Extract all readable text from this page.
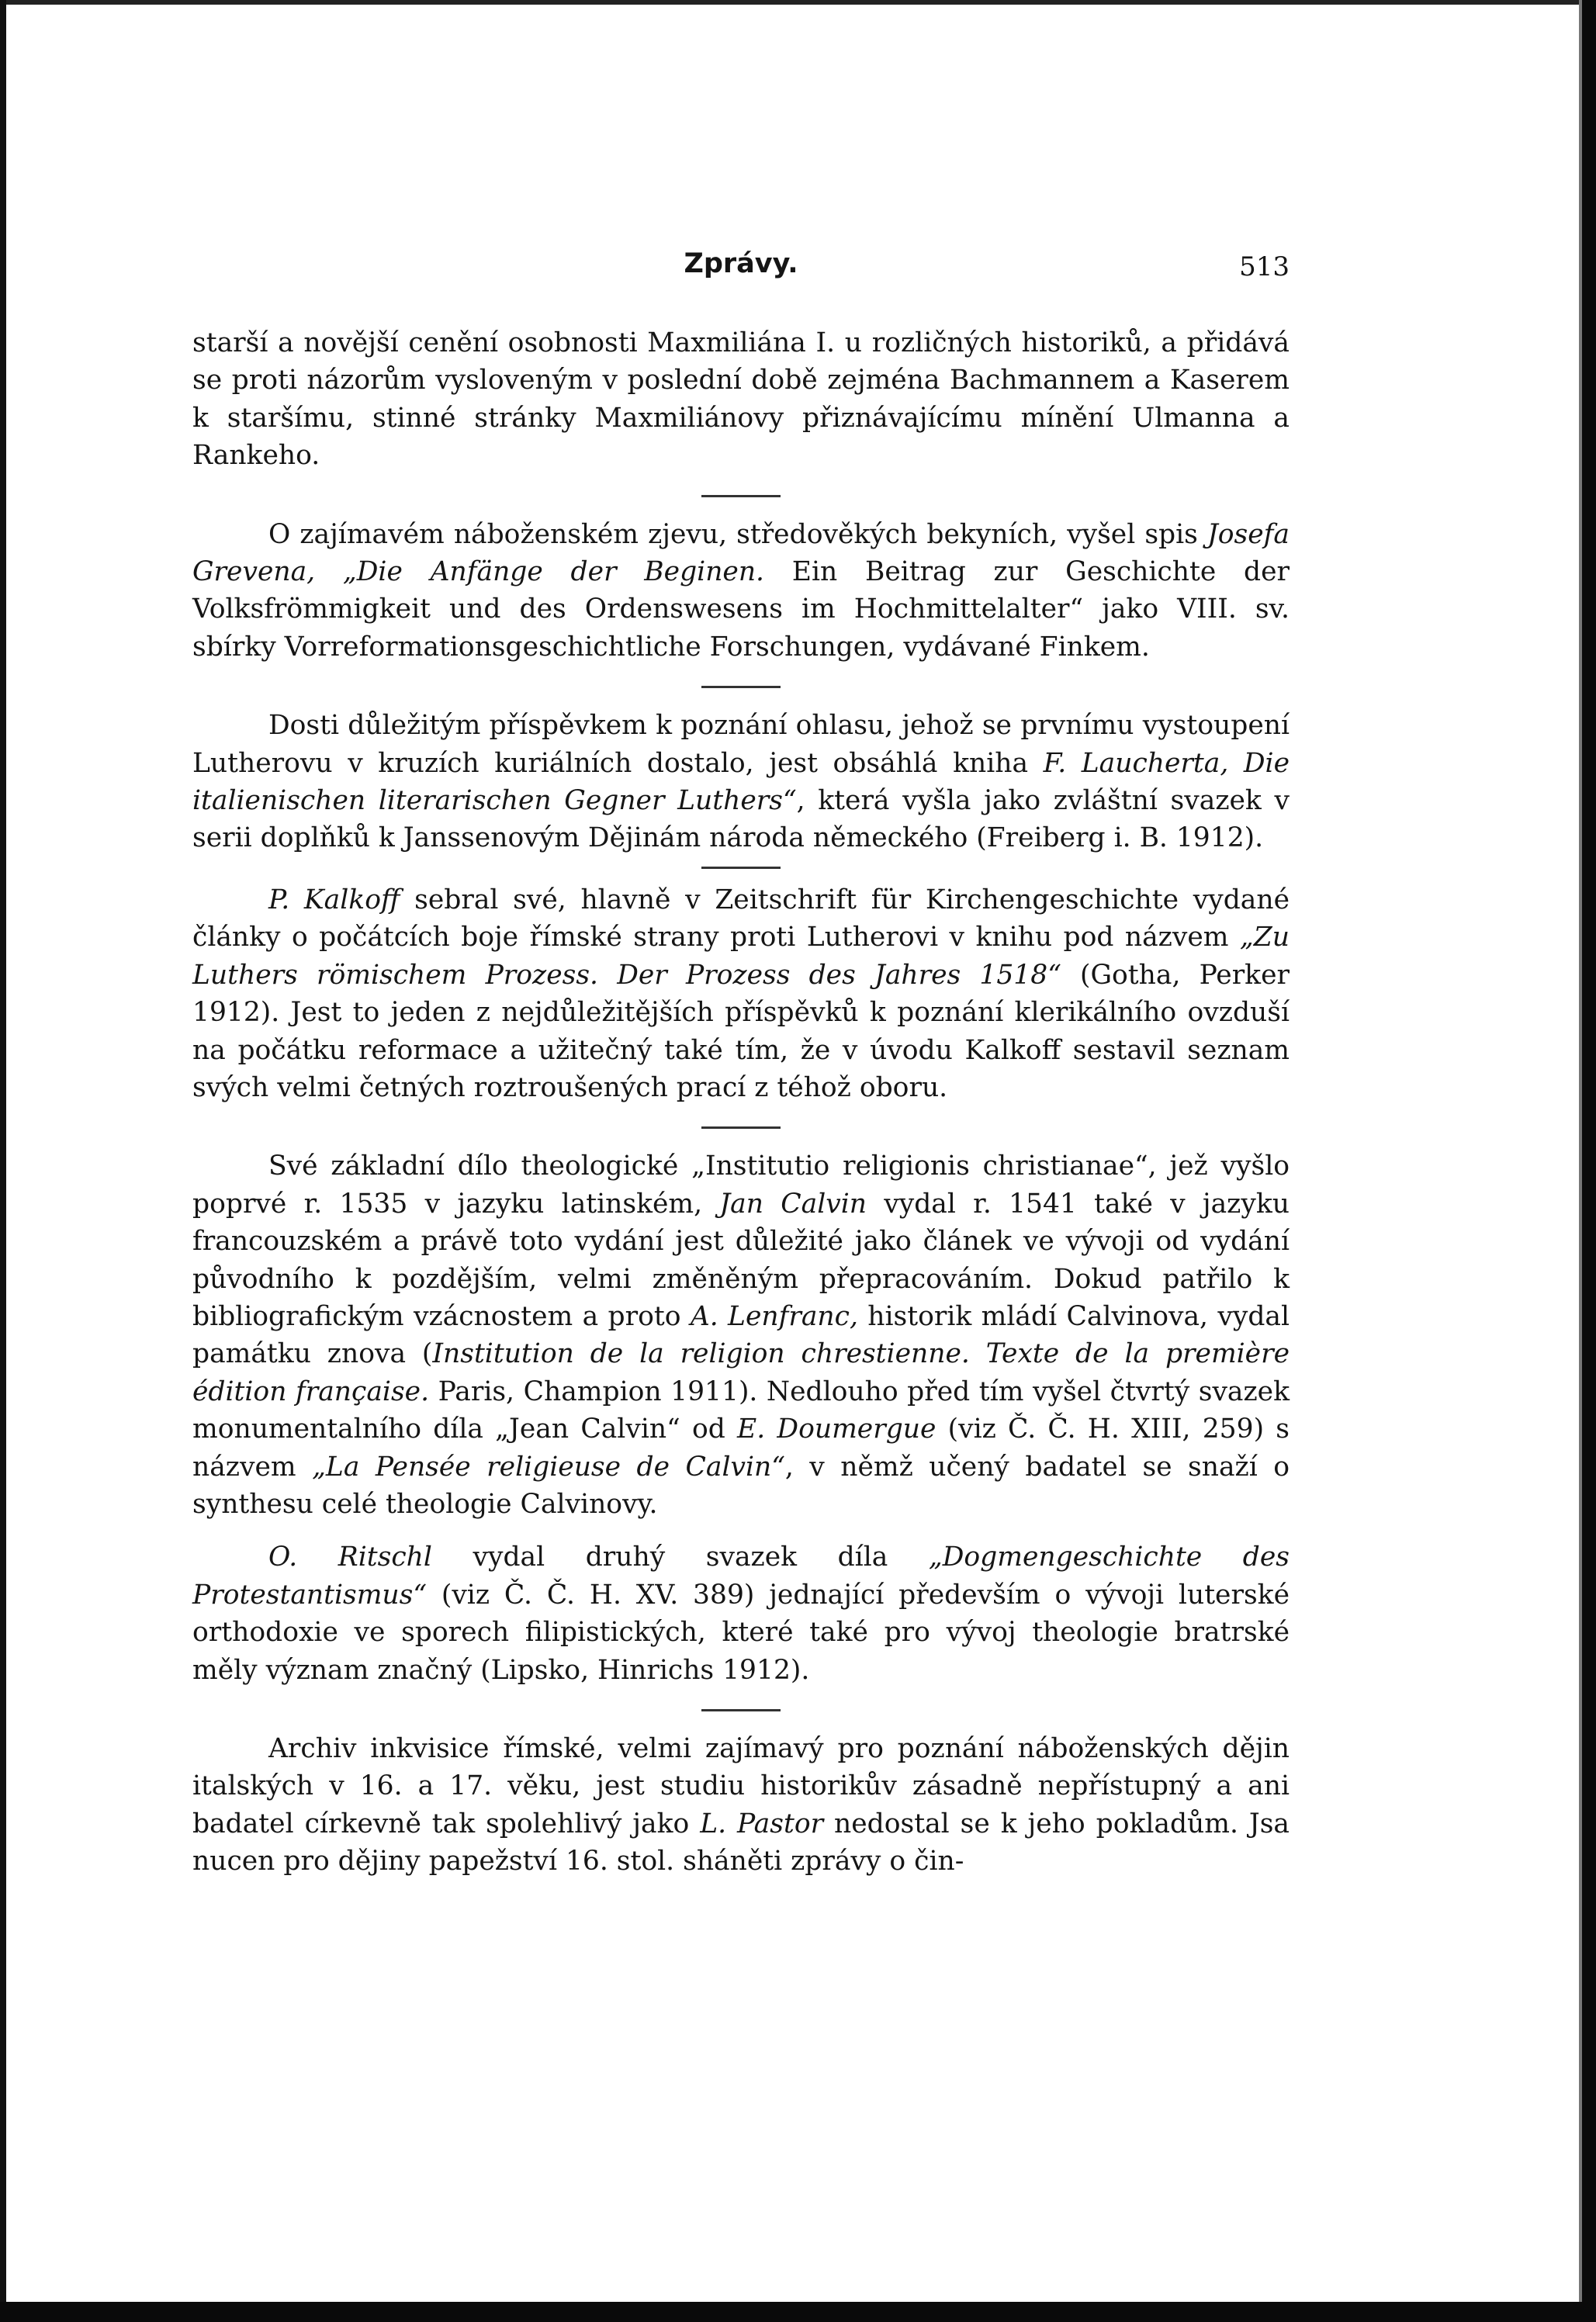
Zprávy.	513

starší a novější cenění osobnosti Maxmiliána I. u rozličných historiků, a přidává se proti názorům vysloveným v poslední době zejména Bachmannem a Kaserem k staršímu, stinné stránky Maxmiliánovy přiznávajícímu mínění Ulmanna a Rankeho.

O zajímavém náboženském zjevu, středověkých bekyních, vyšel spis Josefa Grevena, „Die Anfänge der Beginen. Ein Beitrag zur Geschichte der Volksfrömmigkeit und des Ordenswesens im Hochmittelalter“ jako VIII. sv. sbírky Vorreformationsgeschichtliche Forschungen, vydávané Finkem.

Dosti důležitým příspěvkem k poznání ohlasu, jehož se prvnímu vystoupení Lutherovu v kruzích kuriálních dostalo, jest obsáhlá kniha F. Laucherta, Die italienischen literarischen Gegner Luthers“, která vyšla jako zvláštní svazek v serii doplňků k Janssenovým Dějinám národa německého (Freiberg i. B. 1912).

P. Kalkoff sebral své, hlavně v Zeitschrift für Kirchengeschichte vydané články o počátcích boje římské strany proti Lutherovi v knihu pod názvem „Zu Luthers römischem Prozess. Der Prozess des Jahres 1518“ (Gotha, Perker 1912). Jest to jeden z nejdůležitějších příspěvků k poznání klerikálního ovzduší na počátku reformace a užitečný také tím, že v úvodu Kalkoff sestavil seznam svých velmi četných roztroušených prací z téhož oboru.

Své základní dílo theologické „Institutio religionis christianae“, jež vyšlo poprvé r. 1535 v jazyku latinském, Jan Calvin vydal r. 1541 také v jazyku francouzském a právě toto vydání jest důležité jako článek ve vývoji od vydání původního k pozdějším, velmi změněným přepracováním. Dokud patřilo k bibliografickým vzácnostem a proto A. Lenfranc, historik mládí Calvinova, vydal památku znova (Institution de la religion chrestienne. Texte de la première édition française. Paris, Champion 1911). Nedlouho před tím vyšel čtvrtý svazek monumentalního díla „Jean Calvin“ od E. Doumergue (viz Č. Č. H. XIII, 259) s názvem „La Pensée religieuse de Calvin“, v němž učený badatel se snaží o synthesu celé theologie Calvinovy.

O. Ritschl vydal druhý svazek díla „Dogmengeschichte des Protestantismus“ (viz Č. Č. H. XV. 389) jednající především o vývoji luterské orthodoxie ve sporech filipistických, které také pro vývoj theologie bratrské měly význam značný (Lipsko, Hinrichs 1912).

Archiv inkvisice římské, velmi zajímavý pro poznání náboženských dějin italských v 16. a 17. věku, jest studiu historikův zásadně nepřístupný a ani badatel církevně tak spolehlivý jako L. Pastor nedostal se k jeho pokladům. Jsa nucen pro dějiny papežství 16. stol. sháněti zprávy o čin-
